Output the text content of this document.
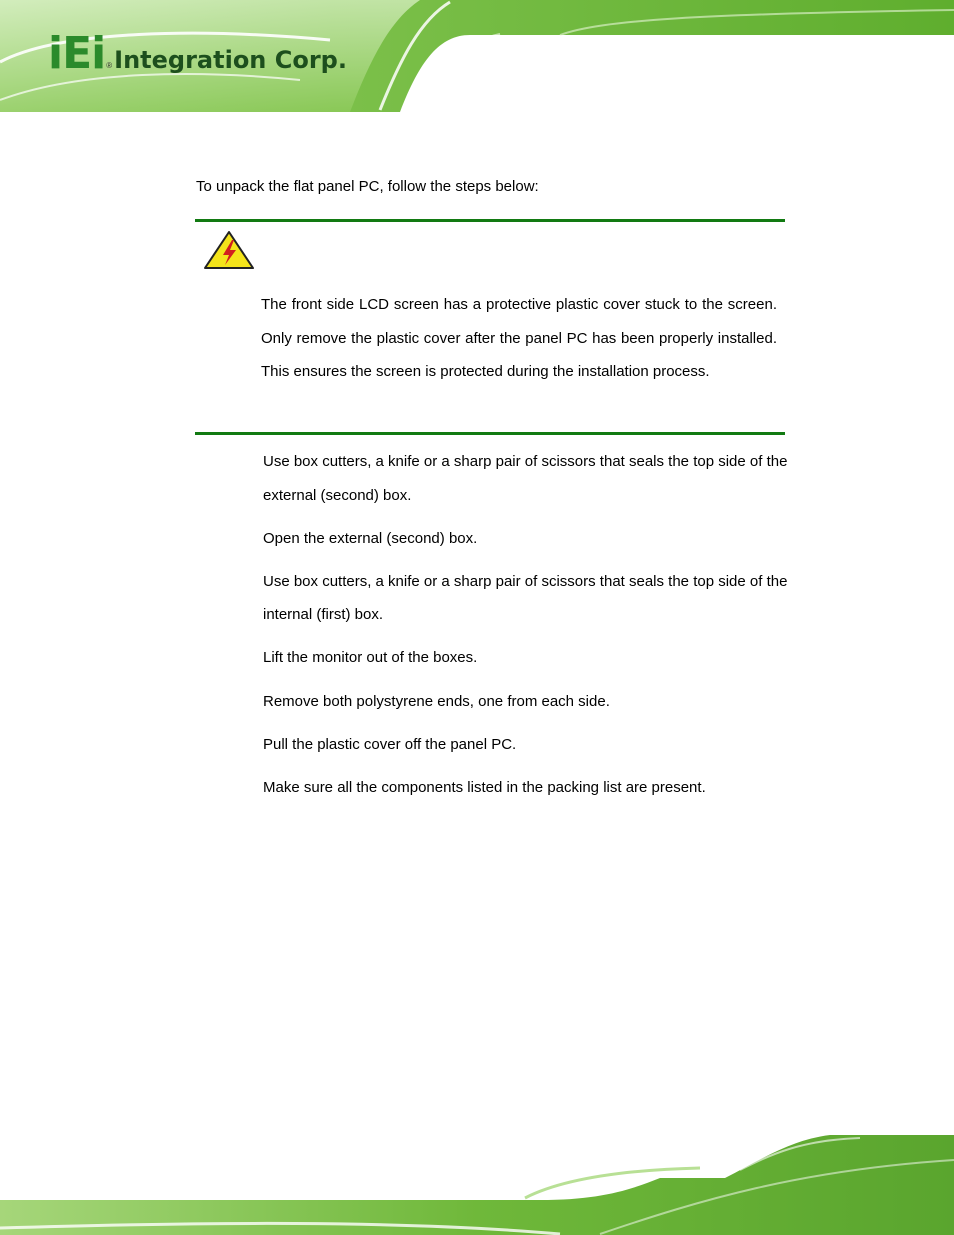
iEi ® Integration Corp.
To unpack the flat panel PC, follow the steps below:
The front side LCD screen has a protective plastic cover stuck to the screen. Only remove the plastic cover after the panel PC has been properly installed. This ensures the screen is protected during the installation process.
Use box cutters, a knife or a sharp pair of scissors that seals the top side of the external (second) box.
Open the external (second) box.
Use box cutters, a knife or a sharp pair of scissors that seals the top side of the internal (first) box.
Lift the monitor out of the boxes.
Remove both polystyrene ends, one from each side.
Pull the plastic cover off the panel PC.
Make sure all the components listed in the packing list are present.
